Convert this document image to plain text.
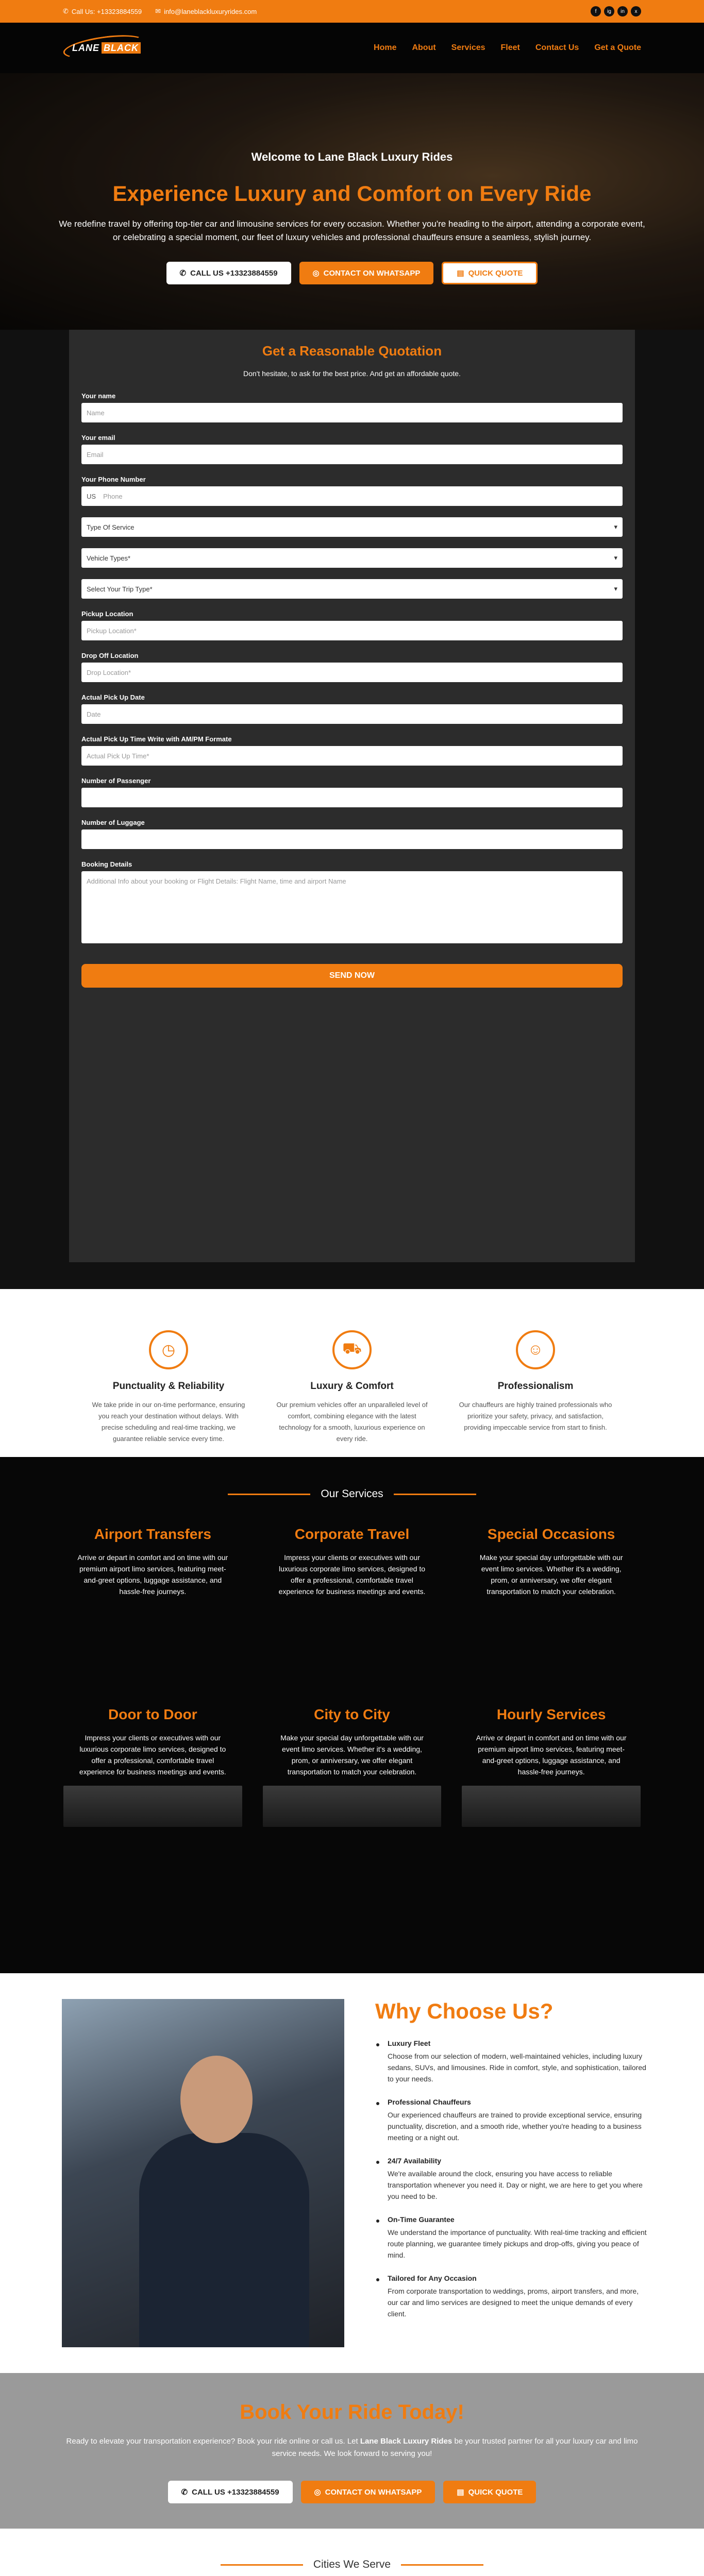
✆ Call Us: +13323884559 ✉ info@laneblackluxuryrides.com	f	ig	in	x
LANE BLACK	Home About Services Fleet Contact Us Get a Quote
Welcome to Lane Black Luxury Rides
Experience Luxury and Comfort on Every Ride

We redefine travel by offering top-tier car and limousine services for every occasion. Whether you're heading to the airport, attending a corporate event, or celebrating a special moment, our fleet of luxury vehicles and professional chauffeurs ensure a seamless, stylish journey.

✆ CALL US +13323884559	◎ CONTACT ON WHATSAPP	▤ QUICK QUOTE
Get a Reasonable Quotation
Don't hesitate, to ask for the best price. And get an affordable quote.
Your name
Name
Your email
Email
Your Phone Number
US Phone
Type Of Service	▾
Vehicle Types*	▾
Select Your Trip Type*	▾
Pickup Location
Pickup Location*
Drop Off Location
Drop Location*
Actual Pick Up Date
Date
Actual Pick Up Time Write with AM/PM Formate
Actual Pick Up Time*
Number of Passenger
Number of Luggage
Booking Details
Additional Info about your booking or Flight Details: Flight Name, time and airport Name
SEND NOW
◷
Punctuality & Reliability

We take pride in our on-time performance, ensuring you reach your destination without delays. With precise scheduling and real-time tracking, we guarantee reliable service every time.

⛟
Luxury & Comfort

Our premium vehicles offer an unparalleled level of comfort, combining elegance with the latest technology for a smooth, luxurious experience on every ride.

☺
Professionalism

Our chauffeurs are highly trained professionals who prioritize your safety, privacy, and satisfaction, providing impeccable service from start to finish.

Our Services
Airport Transfers

Arrive or depart in comfort and on time with our premium airport limo services, featuring meet-and-greet options, luggage assistance, and hassle-free journeys.

Corporate Travel

Impress your clients or executives with our luxurious corporate limo services, designed to offer a professional, comfortable travel experience for business meetings and events.

Special Occasions

Make your special day unforgettable with our event limo services. Whether it's a wedding, prom, or anniversary, we offer elegant transportation to match your celebration.

Door to Door

Impress your clients or executives with our luxurious corporate limo services, designed to offer a professional, comfortable travel experience for business meetings and events.

City to City

Make your special day unforgettable with our event limo services. Whether it's a wedding, prom, or anniversary, we offer elegant transportation to match your celebration.

Hourly Services

Arrive or depart in comfort and on time with our premium airport limo services, featuring meet-and-greet options, luggage assistance, and hassle-free journeys.

Why Choose Us?
Luxury Fleet
Choose from our selection of modern, well-maintained vehicles, including luxury sedans, SUVs, and limousines. Ride in comfort, style, and sophistication, tailored to your needs.
Professional Chauffeurs
Our experienced chauffeurs are trained to provide exceptional service, ensuring punctuality, discretion, and a smooth ride, whether you're heading to a business meeting or a night out.
24/7 Availability
We're available around the clock, ensuring you have access to reliable transportation whenever you need it. Day or night, we are here to get you where you need to be.
On-Time Guarantee
We understand the importance of punctuality. With real-time tracking and efficient route planning, we guarantee timely pickups and drop-offs, giving you peace of mind.
Tailored for Any Occasion
From corporate transportation to weddings, proms, airport transfers, and more, our car and limo services are designed to meet the unique demands of every client.
Book Your Ride Today!

Ready to elevate your transportation experience? Book your ride online or call us. Let Lane Black Luxury Rides be your trusted partner for all your luxury car and limo service needs. We look forward to serving you!

✆ CALL US +13323884559	◎ CONTACT ON WHATSAPP	▤ QUICK QUOTE
Cities We Serve
